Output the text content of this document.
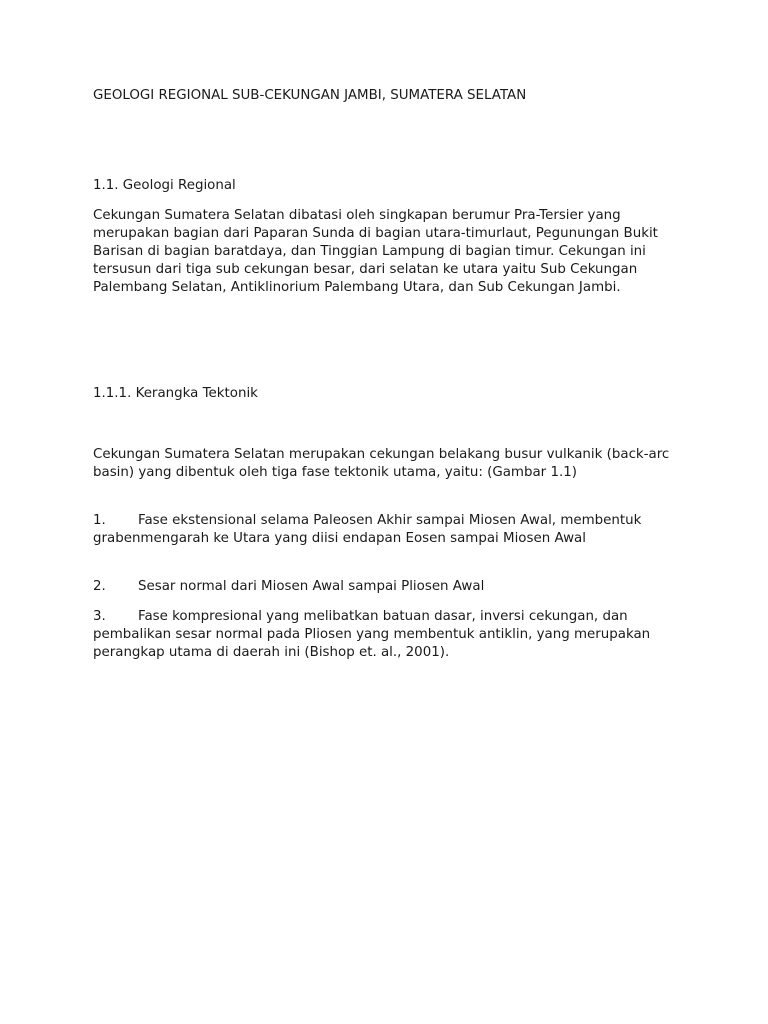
GEOLOGI REGIONAL SUB-CEKUNGAN JAMBI, SUMATERA SELATAN

1.1. Geologi Regional

Cekungan Sumatera Selatan dibatasi oleh singkapan berumur Pra-Tersier yang merupakan bagian dari Paparan Sunda di bagian utara-timurlaut, Pegunungan Bukit Barisan di bagian baratdaya, dan Tinggian Lampung di bagian timur. Cekungan ini tersusun dari tiga sub cekungan besar, dari selatan ke utara yaitu Sub Cekungan Palembang Selatan, Antiklinorium Palembang Utara, dan Sub Cekungan Jambi.

1.1.1. Kerangka Tektonik

Cekungan Sumatera Selatan merupakan cekungan belakang busur vulkanik (back-arc basin) yang dibentuk oleh tiga fase tektonik utama, yaitu: (Gambar 1.1)

1. Fase ekstensional selama Paleosen Akhir sampai Miosen Awal, membentuk grabenmengarah ke Utara yang diisi endapan Eosen sampai Miosen Awal

2. Sesar normal dari Miosen Awal sampai Pliosen Awal

3. Fase kompresional yang melibatkan batuan dasar, inversi cekungan, dan pembalikan sesar normal pada Pliosen yang membentuk antiklin, yang merupakan perangkap utama di daerah ini (Bishop et. al., 2001).
